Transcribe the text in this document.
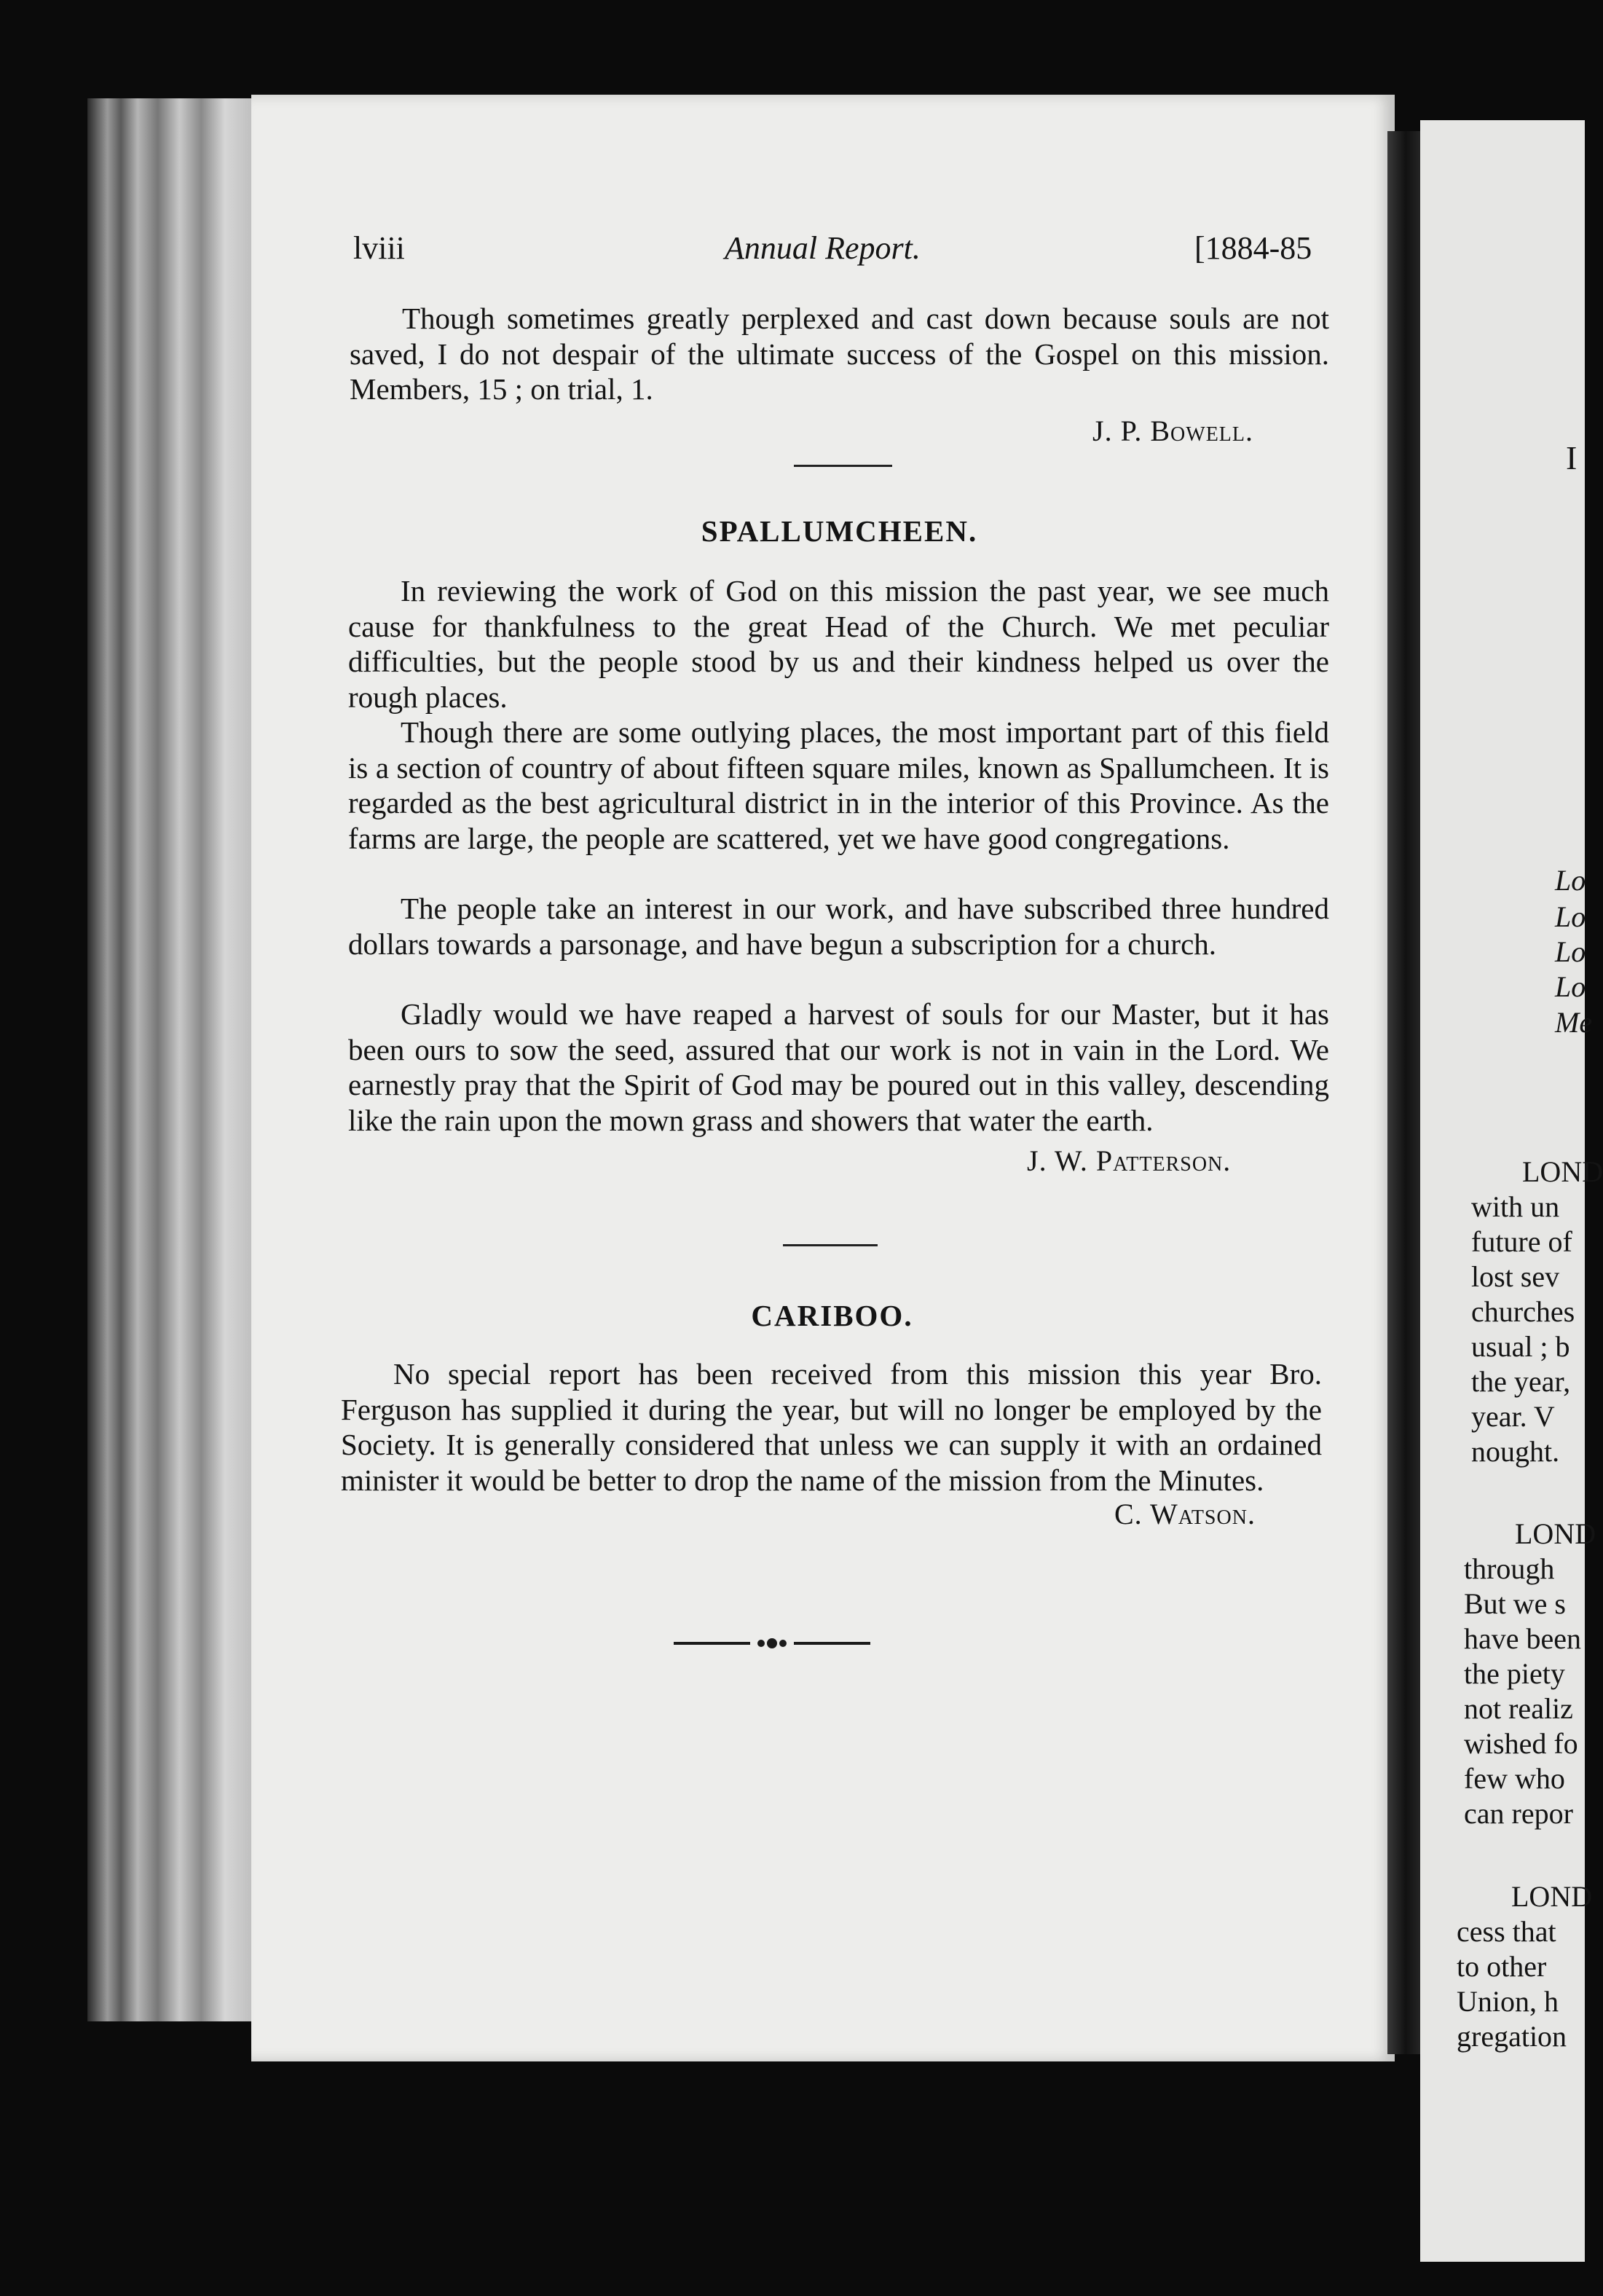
lviii	Annual Report.	[1884-85

Though sometimes greatly perplexed and cast down because souls are not saved, I do not despair of the ultimate success of the Gospel on this mission. Members, 15 ; on trial, 1.

J. P. Bowell.
SPALLUMCHEEN.

In reviewing the work of God on this mission the past year, we see much cause for thankfulness to the great Head of the Church. We met peculiar difficulties, but the people stood by us and their kindness helped us over the rough places.

Though there are some outlying places, the most important part of this field is a section of country of about fifteen square miles, known as Spallumcheen. It is regarded as the best agricultural district in in the interior of this Province. As the farms are large, the people are scattered, yet we have good congregations.

The people take an interest in our work, and have subscribed three hundred dollars towards a parsonage, and have begun a subscription for a church.

Gladly would we have reaped a harvest of souls for our Master, but it has been ours to sow the seed, assured that our work is not in vain in the Lord. We earnestly pray that the Spirit of God may be poured out in this valley, descending like the rain upon the mown grass and showers that water the earth.

J. W. Patterson.
CARIBOO.

No special report has been received from this mission this year Bro. Ferguson has supplied it during the year, but will no longer be employed by the Society. It is generally considered that unless we can supply it with an ordained minister it would be better to drop the name of the mission from the Minutes.

C. Watson.
I
Lo
Lo
Lo
Lo
Me
LOND
with un
future of
lost sev
churches
usual ; b
the year,
year. V
nought.
LOND
through
But we s
have been
the piety
not realiz
wished fo
few who
can repor
LOND
cess that
to other
Union, h
gregation
